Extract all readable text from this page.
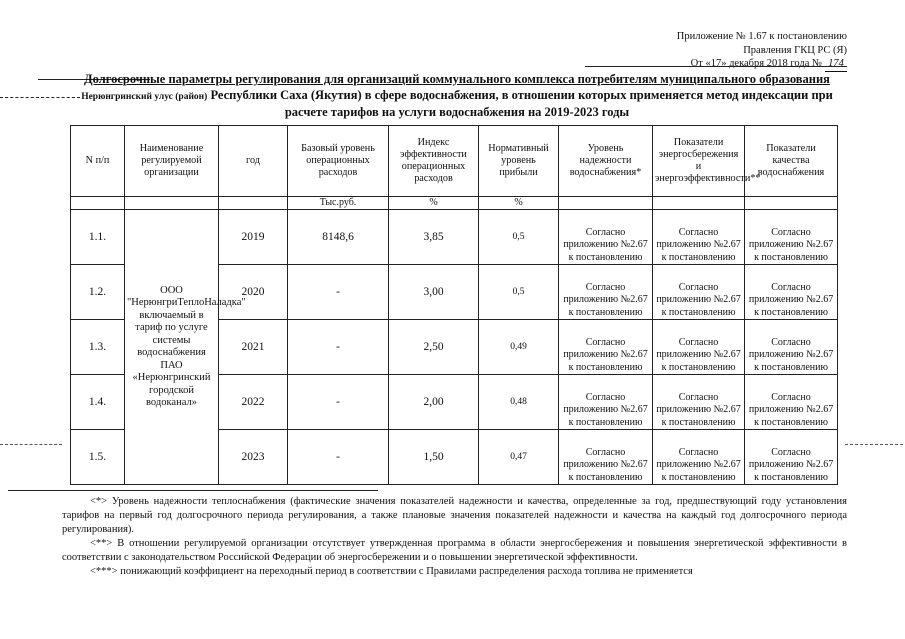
Приложение № 1.67 к постановлению
Правления ГКЦ РС (Я)
От «17» декабря 2018 года № 174
Долгосрочные параметры регулирования для организаций коммунального комплекса потребителям муниципального образования Нерюнгринский улус (район) Республики Саха (Якутия) в сфере водоснабжения, в отношении которых применяется метод индексации при расчете тарифов на услуги водоснабжения на 2019-2023 годы
N п/п	Наименование регулируемой организации	год	Базовый уровень операционных расходов	Индекс эффективности операционных расходов	Нормативный уровень прибыли	Уровень надежности водоснабжения*	Показатели энергосбережения и энергоэффективности**	Показатели качества водоснабжения
			Тыс.руб.	%	%			
1.1.	ООО "НерюнгриТеплоНаладка" включаемый в тариф по услуге системы водоснабжения ПАО «Нерюнгринский городской водоканал»	2019	8148,6	3,85	0,5	Согласно приложению №2.67 к постановлению	Согласно приложению №2.67 к постановлению	Согласно приложению №2.67 к постановлению
1.2.		2020	-	3,00	0,5	Согласно приложению №2.67 к постановлению	Согласно приложению №2.67 к постановлению	Согласно приложению №2.67 к постановлению
1.3.		2021	-	2,50	0,49	Согласно приложению №2.67 к постановлению	Согласно приложению №2.67 к постановлению	Согласно приложению №2.67 к постановлению
1.4.		2022	-	2,00	0,48	Согласно приложению №2.67 к постановлению	Согласно приложению №2.67 к постановлению	Согласно приложению №2.67 к постановлению
1.5.		2023	-	1,50	0,47	Согласно приложению №2.67 к постановлению	Согласно приложению №2.67 к постановлению	Согласно приложению №2.67 к постановлению

<*> Уровень надежности теплоснабжения (фактические значения показателей надежности и качества, определенные за год, предшествующий году установления тарифов на первый год долгосрочного периода регулирования, а также плановые значения показателей надежности и качества на каждый год долгосрочного периода регулирования).

<**> В отношении регулируемой организации отсутствует утвержденная программа в области энергосбережения и повышения энергетической эффективности в соответствии с законодательством Российской Федерации об энергосбережении и о повышении энергетической эффективности.

<***> понижающий коэффициент на переходный период в соответствии с Правилами распределения расхода топлива не применяется
